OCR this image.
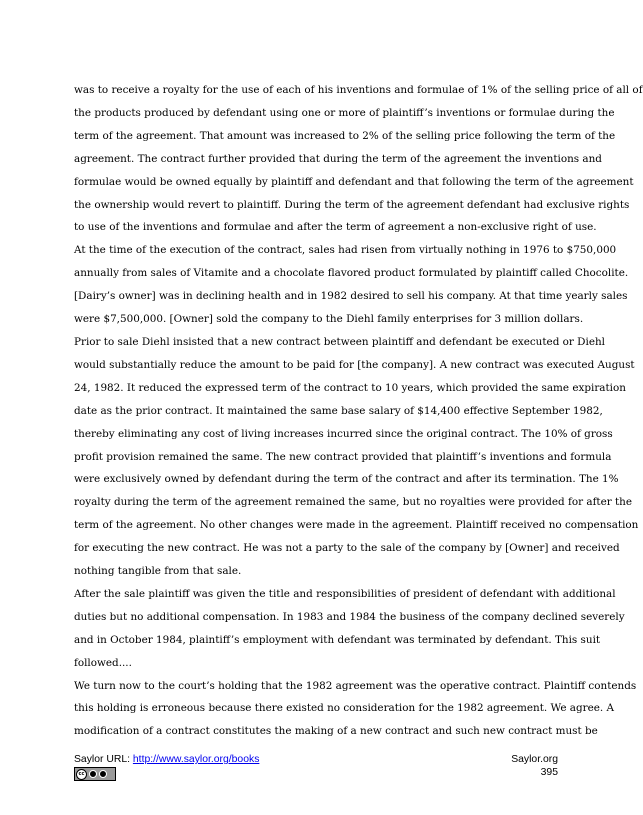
was to receive a royalty for the use of each of his inventions and formulae of 1% of the selling price of all of
the products produced by defendant using one or more of plaintiff’s inventions or formulae during the
term of the agreement. That amount was increased to 2% of the selling price following the term of the
agreement. The contract further provided that during the term of the agreement the inventions and
formulae would be owned equally by plaintiff and defendant and that following the term of the agreement
the ownership would revert to plaintiff. During the term of the agreement defendant had exclusive rights
to use of the inventions and formulae and after the term of agreement a non-exclusive right of use.
At the time of the execution of the contract, sales had risen from virtually nothing in 1976 to $750,000
annually from sales of Vitamite and a chocolate flavored product formulated by plaintiff called Chocolite.
[Dairy’s owner] was in declining health and in 1982 desired to sell his company. At that time yearly sales
were $7,500,000. [Owner] sold the company to the Diehl family enterprises for 3 million dollars.
Prior to sale Diehl insisted that a new contract between plaintiff and defendant be executed or Diehl
would substantially reduce the amount to be paid for [the company]. A new contract was executed August
24, 1982. It reduced the expressed term of the contract to 10 years, which provided the same expiration
date as the prior contract. It maintained the same base salary of $14,400 effective September 1982,
thereby eliminating any cost of living increases incurred since the original contract. The 10% of gross
profit provision remained the same. The new contract provided that plaintiff’s inventions and formula
were exclusively owned by defendant during the term of the contract and after its termination. The 1%
royalty during the term of the agreement remained the same, but no royalties were provided for after the
term of the agreement. No other changes were made in the agreement. Plaintiff received no compensation
for executing the new contract. He was not a party to the sale of the company by [Owner] and received
nothing tangible from that sale.
After the sale plaintiff was given the title and responsibilities of president of defendant with additional
duties but no additional compensation. In 1983 and 1984 the business of the company declined severely
and in October 1984, plaintiff’s employment with defendant was terminated by defendant. This suit
followed....
We turn now to the court’s holding that the 1982 agreement was the operative contract. Plaintiff contends
this holding is erroneous because there existed no consideration for the 1982 agreement. We agree. A
modification of a contract constitutes the making of a new contract and such new contract must be
Saylor URL: http://www.saylor.org/books
cc
Saylor.org
395
